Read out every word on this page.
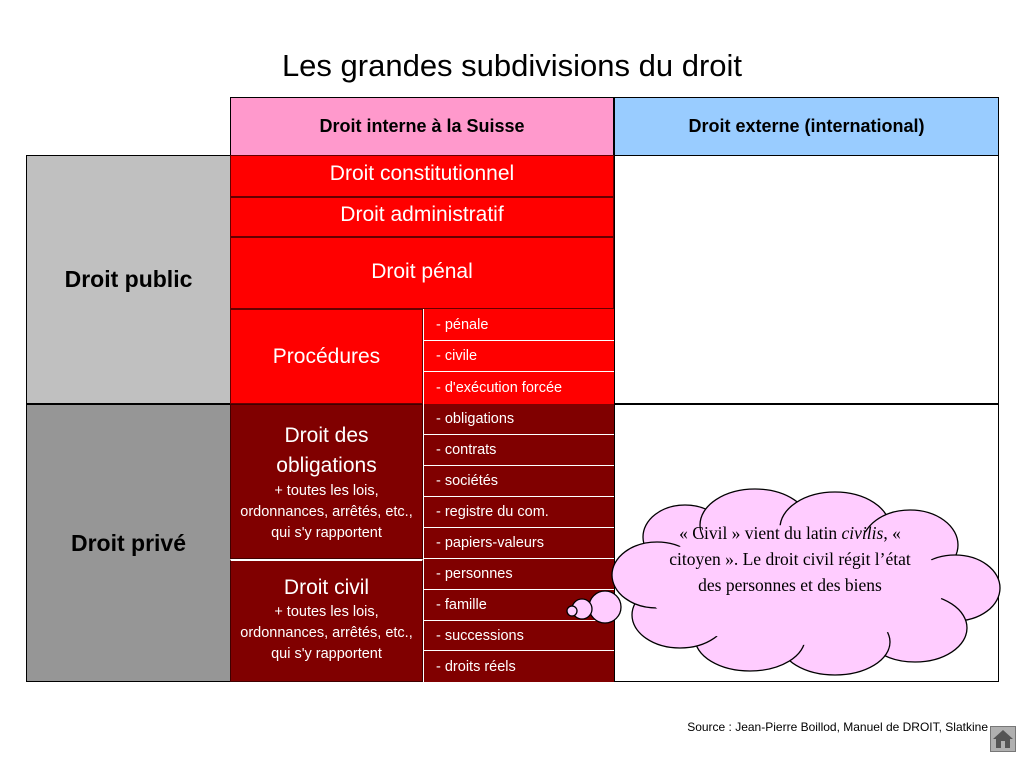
Les grandes subdivisions du droit
Droit interne à la Suisse	Droit externe (international)
Droit public
Droit privé
Droit constitutionnel
Droit administratif
Droit pénal
Procédures
- pénale
- civile
- d'exécution forcée
Droit des obligations
+ toutes les lois, ordonnances, arrêtés, etc., qui s'y rapportent
- obligations
- contrats
- sociétés
- registre du com.
- papiers-valeurs
Droit civil
+ toutes les lois, ordonnances, arrêtés, etc., qui s'y rapportent
- personnes
- famille
- successions
- droits réels
« Civil » vient du latin civilis, « citoyen ». Le droit civil régit l’état des personnes et des biens
Source : Jean-Pierre Boillod, Manuel de DROIT, Slatkine
